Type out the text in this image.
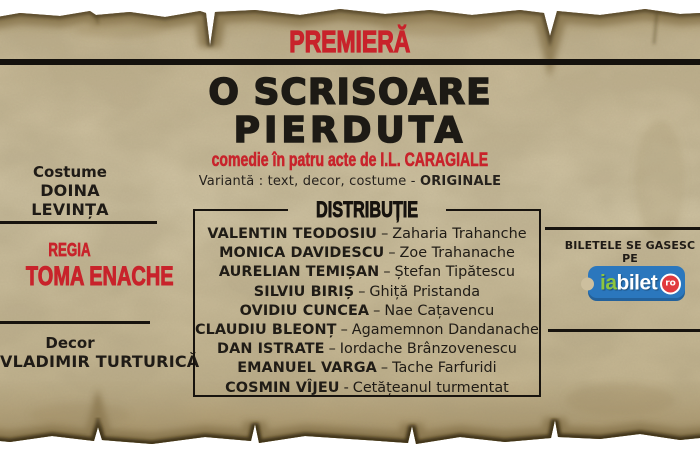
PREMIERĂ
O SCRISOARE
PIERDUTA
comedie în patru acte de I.L. CARAGIALE
Variantă : text, decor, costume - ORIGINALE
Costume
DOINA LEVINȚA
REGIA
TOMA ENACHE
Decor
VLADIMIR TURTURICĂ
BILETELE SE GASESC PE
iabilet ro
DISTRIBUȚIE
VALENTIN TEODOSIU – Zaharia Trahanche
MONICA DAVIDESCU – Zoe Trahanache
AURELIAN TEMIȘAN – Ștefan Tipătescu
SILVIU BIRIȘ – Ghiță Pristanda
OVIDIU CUNCEA – Nae Cațavencu
CLAUDIU BLEONȚ – Agamemnon Dandanache
DAN ISTRATE – Iordache Brânzovenescu
EMANUEL VARGA – Tache Farfuridi
COSMIN VÎJEU - Cetățeanul turmentat
